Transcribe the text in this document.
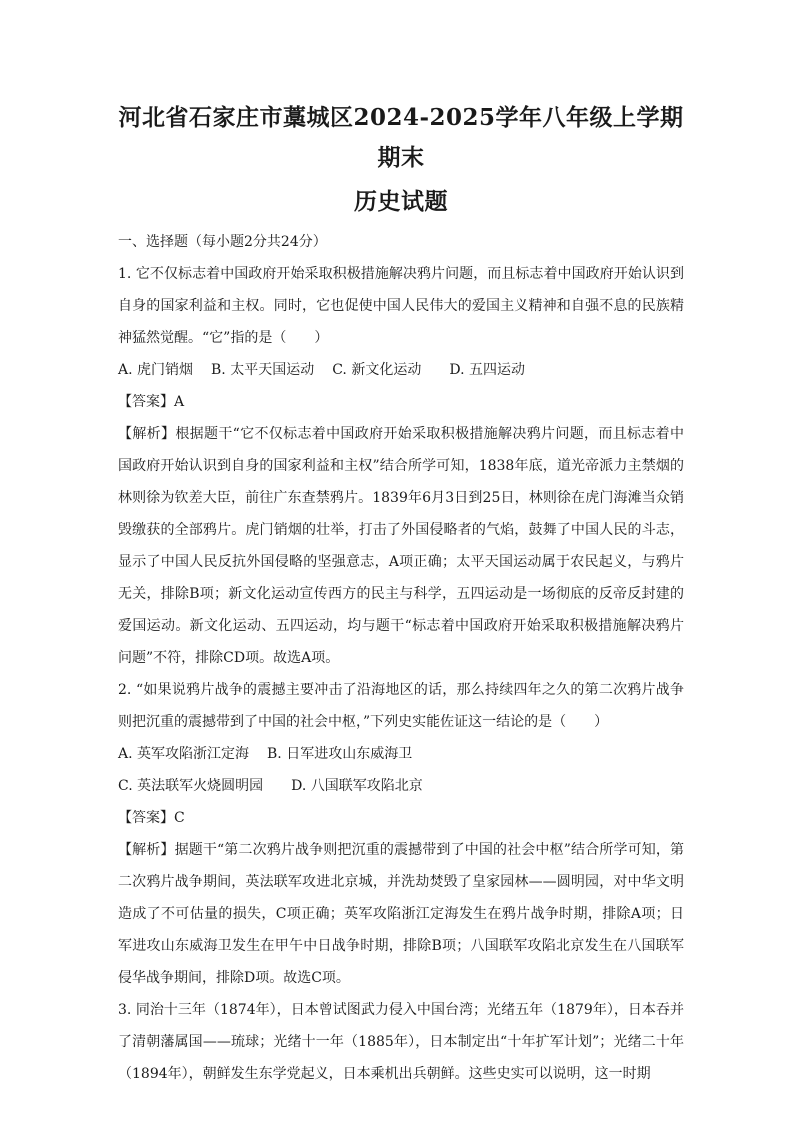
河北省石家庄市藁城区2024-2025学年八年级上学期期末
历史试题

一、选择题（每小题2分共24分）

1. 它不仅标志着中国政府开始采取积极措施解决鸦片问题，而且标志着中国政府开始认识到自身的国家利益和主权。同时，它也促使中国人民伟大的爱国主义精神和自强不息的民族精神猛然觉醒。“它”指的是（　　）

A. 虎门销烟 B. 太平天国运动 C. 新文化运动 D. 五四运动

【答案】A

【解析】根据题干“它不仅标志着中国政府开始采取积极措施解决鸦片问题，而且标志着中国政府开始认识到自身的国家利益和主权”结合所学可知，1838年底，道光帝派力主禁烟的林则徐为钦差大臣，前往广东查禁鸦片。1839年6月3日到25日，林则徐在虎门海滩当众销毁缴获的全部鸦片。虎门销烟的壮举，打击了外国侵略者的气焰，鼓舞了中国人民的斗志，显示了中国人民反抗外国侵略的坚强意志，A项正确；太平天国运动属于农民起义，与鸦片无关，排除B项；新文化运动宣传西方的民主与科学，五四运动是一场彻底的反帝反封建的爱国运动。新文化运动、五四运动，均与题干“标志着中国政府开始采取积极措施解决鸦片问题”不符，排除CD项。故选A项。

2. “如果说鸦片战争的震撼主要冲击了沿海地区的话，那么持续四年之久的第二次鸦片战争则把沉重的震撼带到了中国的社会中枢，”下列史实能佐证这一结论的是（　　）

A. 英军攻陷浙江定海 B. 日军进攻山东威海卫

C. 英法联军火烧圆明园 D. 八国联军攻陷北京

【答案】C

【解析】据题干“第二次鸦片战争则把沉重的震撼带到了中国的社会中枢”结合所学可知，第二次鸦片战争期间，英法联军攻进北京城，并洗劫焚毁了皇家园林——圆明园，对中华文明造成了不可估量的损失，C项正确；英军攻陷浙江定海发生在鸦片战争时期，排除A项；日军进攻山东威海卫发生在甲午中日战争时期，排除B项；八国联军攻陷北京发生在八国联军侵华战争期间，排除D项。故选C项。

3. 同治十三年（1874年），日本曾试图武力侵入中国台湾；光绪五年（1879年），日本吞并了清朝藩属国——琉球；光绪十一年（1885年），日本制定出“十年扩军计划”；光绪二十年（1894年），朝鲜发生东学党起义，日本乘机出兵朝鲜。这些史实可以说明，这一时期
